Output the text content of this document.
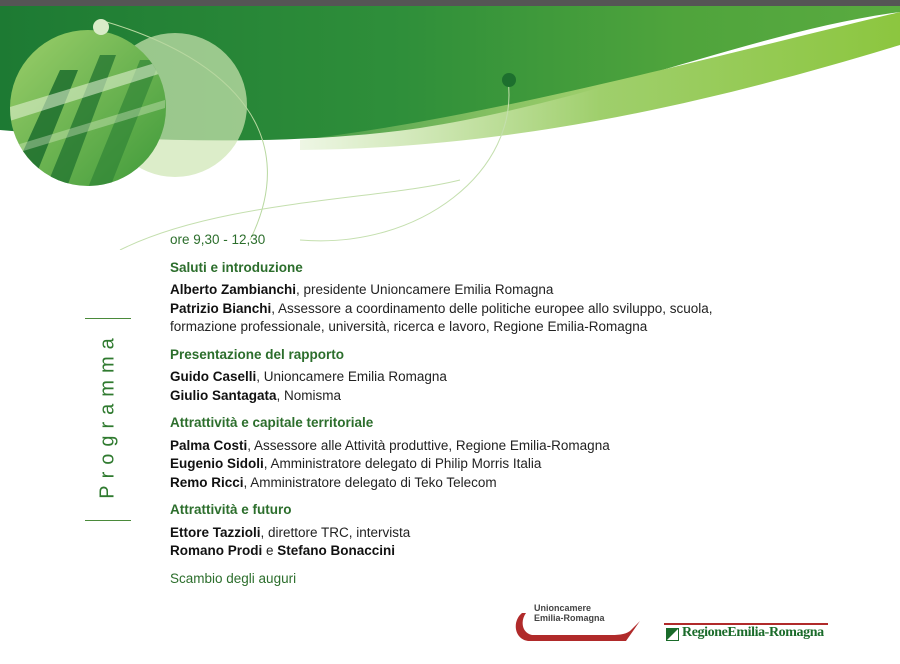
Programma
ore 9,30 - 12,30
Saluti e introduzione
Alberto Zambianchi, presidente Unioncamere Emilia Romagna
Patrizio Bianchi, Assessore a coordinamento delle politiche europee allo sviluppo, scuola,
formazione professionale, università, ricerca e lavoro, Regione Emilia-Romagna
Presentazione del rapporto
Guido Caselli, Unioncamere Emilia Romagna
Giulio Santagata, Nomisma
Attrattività e capitale territoriale
Palma Costi, Assessore alle Attività produttive, Regione Emilia-Romagna
Eugenio Sidoli, Amministratore delegato di Philip Morris Italia
Remo Ricci, Amministratore delegato di Teko Telecom
Attrattività e futuro
Ettore Tazzioli, direttore TRC, intervista
Romano Prodi e Stefano Bonaccini
Scambio degli auguri
Unioncamere
Emilia-Romagna
RegioneEmilia-Romagna
